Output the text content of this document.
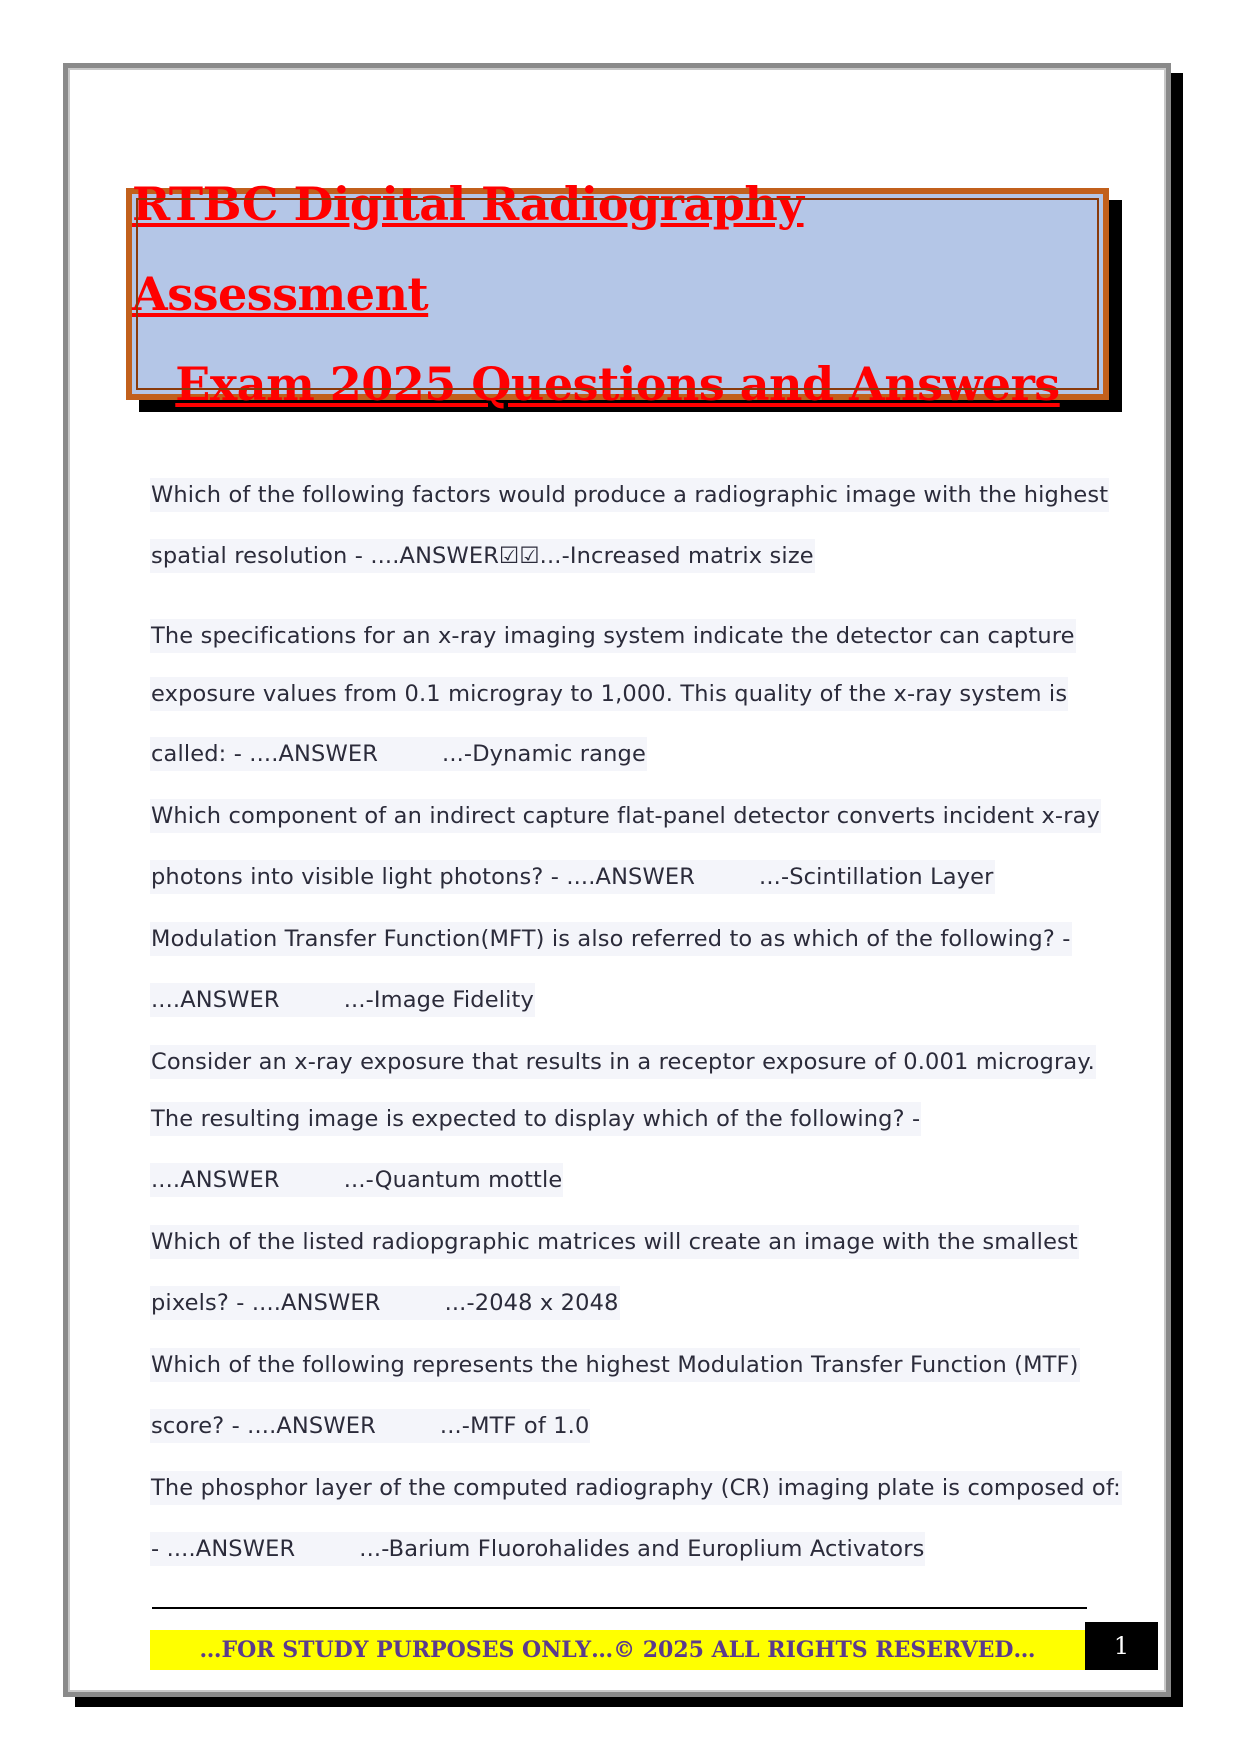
RTBC Digital Radiography Assessment
Exam 2025 Questions and Answers
Which of the following factors would produce a radiographic image with the highest
spatial resolution - ....ANSWER☑☑...-Increased matrix size
The specifications for an x-ray imaging system indicate the detector can capture
exposure values from 0.1 microgray to 1,000. This quality of the x-ray system is
called: - ....ANSWER	...-Dynamic range
Which component of an indirect capture flat-panel detector converts incident x-ray
photons into visible light photons? - ....ANSWER	...-Scintillation Layer
Modulation Transfer Function(MFT) is also referred to as which of the following? -
....ANSWER	...-Image Fidelity
Consider an x-ray exposure that results in a receptor exposure of 0.001 microgray.
The resulting image is expected to display which of the following? -
....ANSWER	...-Quantum mottle
Which of the listed radiopgraphic matrices will create an image with the smallest
pixels? - ....ANSWER	...-2048 x 2048
Which of the following represents the highest Modulation Transfer Function (MTF)
score? - ....ANSWER	...-MTF of 1.0
The phosphor layer of the computed radiography (CR) imaging plate is composed of:
- ....ANSWER	...-Barium Fluorohalides and Europlium Activators
…FOR STUDY PURPOSES ONLY…© 2025 ALL RIGHTS RESERVED…	1
